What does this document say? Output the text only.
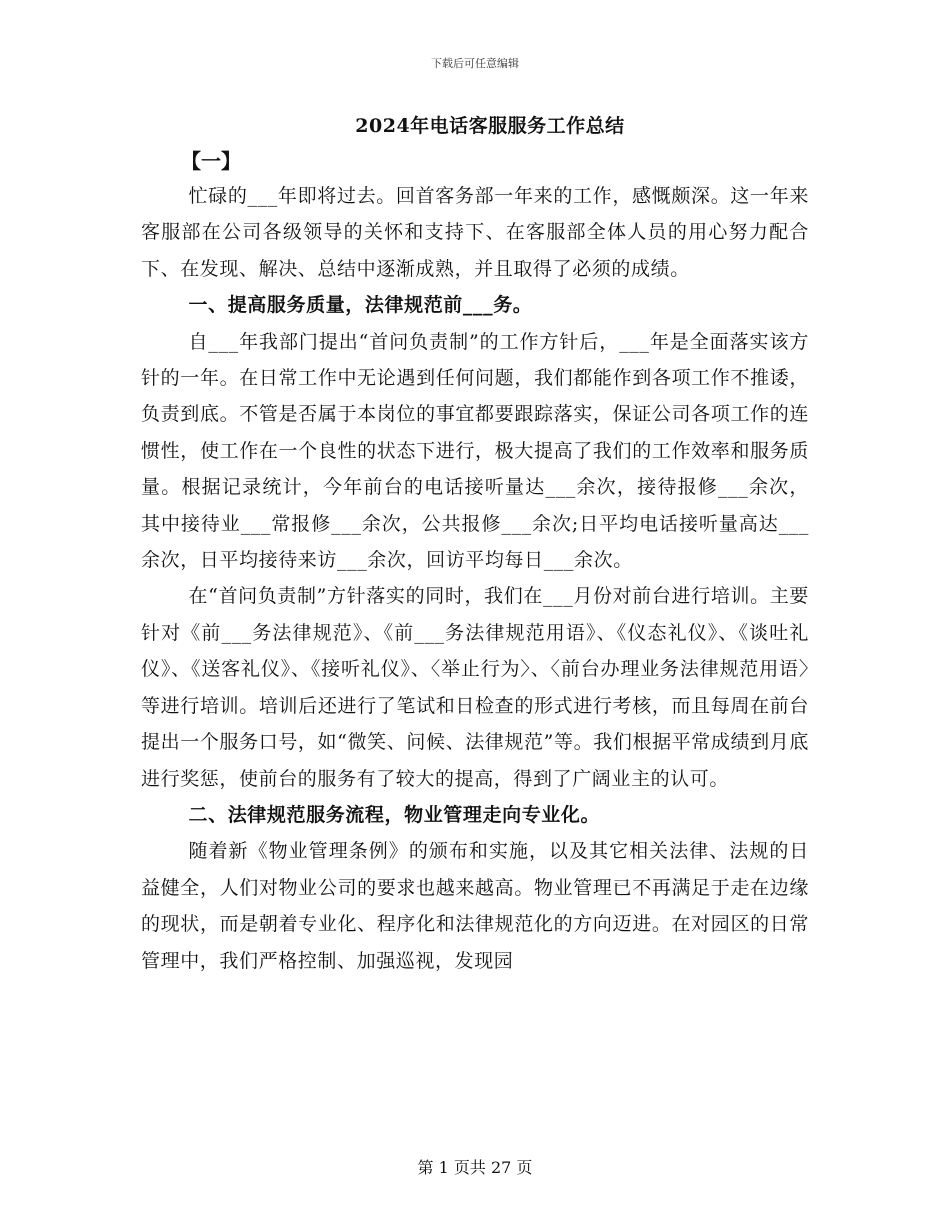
下载后可任意编辑
2024年电话客服服务工作总结
【一】

忙碌的___年即将过去。回首客务部一年来的工作，感慨颇深。这一年来客服部在公司各级领导的关怀和支持下、在客服部全体人员的用心努力配合下、在发现、解决、总结中逐渐成熟，并且取得了必须的成绩。

一、提高服务质量，法律规范前___务。

自___年我部门提出“首问负责制”的工作方针后，___年是全面落实该方针的一年。在日常工作中无论遇到任何问题，我们都能作到各项工作不推诿，负责到底。不管是否属于本岗位的事宜都要跟踪落实，保证公司各项工作的连惯性，使工作在一个良性的状态下进行，极大提高了我们的工作效率和服务质量。根据记录统计，今年前台的电话接听量达___余次，接待报修___余次，其中接待业___常报修___余次，公共报修___余次;日平均电话接听量高达___余次，日平均接待来访___余次，回访平均每日___余次。

在“首问负责制”方针落实的同时，我们在___月份对前台进行培训。主要针对《前___务法律规范》、《前___务法律规范用语》、《仪态礼仪》、《谈吐礼仪》、《送客礼仪》、《接听礼仪》、〈举止行为〉、〈前台办理业务法律规范用语〉等进行培训。培训后还进行了笔试和日检查的形式进行考核，而且每周在前台提出一个服务口号，如“微笑、问候、法律规范”等。我们根据平常成绩到月底进行奖惩，使前台的服务有了较大的提高，得到了广阔业主的认可。

二、法律规范服务流程，物业管理走向专业化。

随着新《物业管理条例》的颁布和实施，以及其它相关法律、法规的日益健全，人们对物业公司的要求也越来越高。物业管理已不再满足于走在边缘的现状，而是朝着专业化、程序化和法律规范化的方向迈进。在对园区的日常管理中，我们严格控制、加强巡视，发现园

第 1 页共 27 页
